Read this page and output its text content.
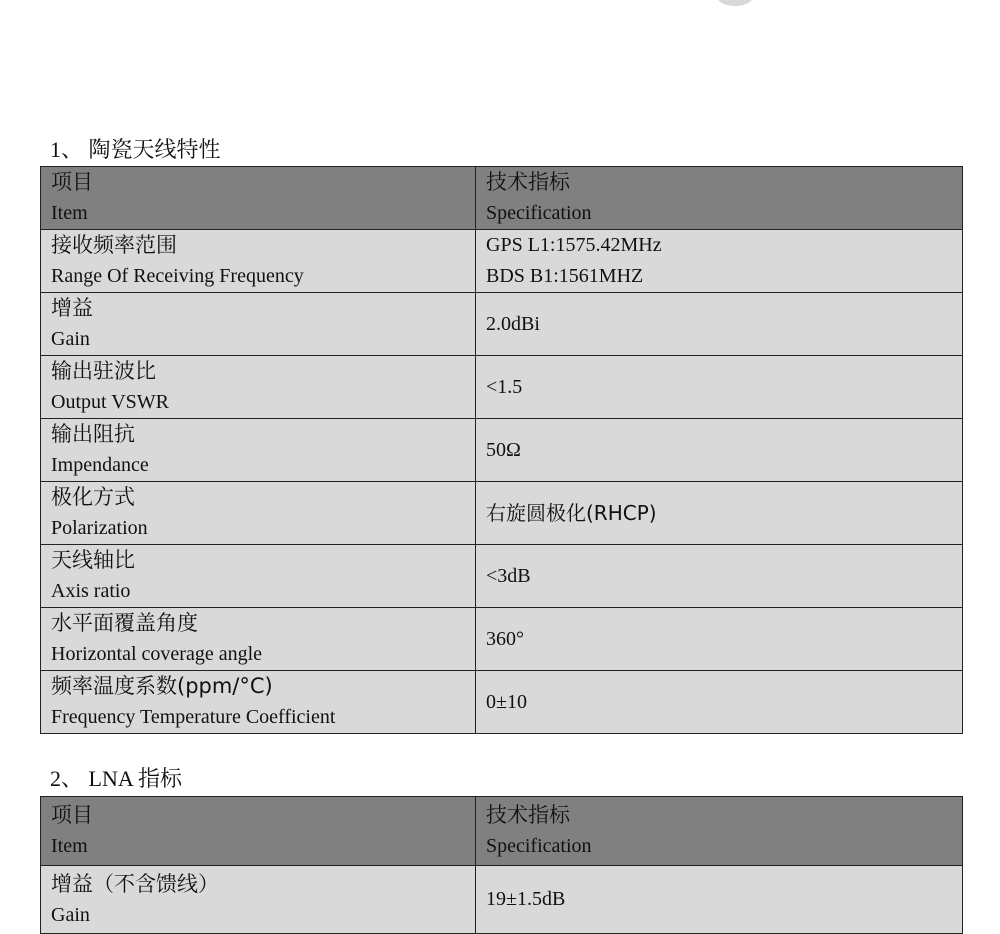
1、 陶瓷天线特性
项目
Item	技术指标
Specification

接收频率范围
Range Of Receiving Frequency	GPS L1:1575.42MHz
BDS B1:1561MHZ

增益
Gain	2.0dBi

输出驻波比
Output VSWR	<1.5

输出阻抗
Impendance	50Ω

极化方式
Polarization	右旋圆极化(RHCP)

天线轴比
Axis ratio	<3dB

水平面覆盖角度
Horizontal coverage angle	360°

频率温度系数(ppm/°C)
Frequency Temperature Coefficient	0±10
2、 LNA 指标
项目
Item	技术指标
Specification

增益（不含馈线）
Gain	19±1.5dB
